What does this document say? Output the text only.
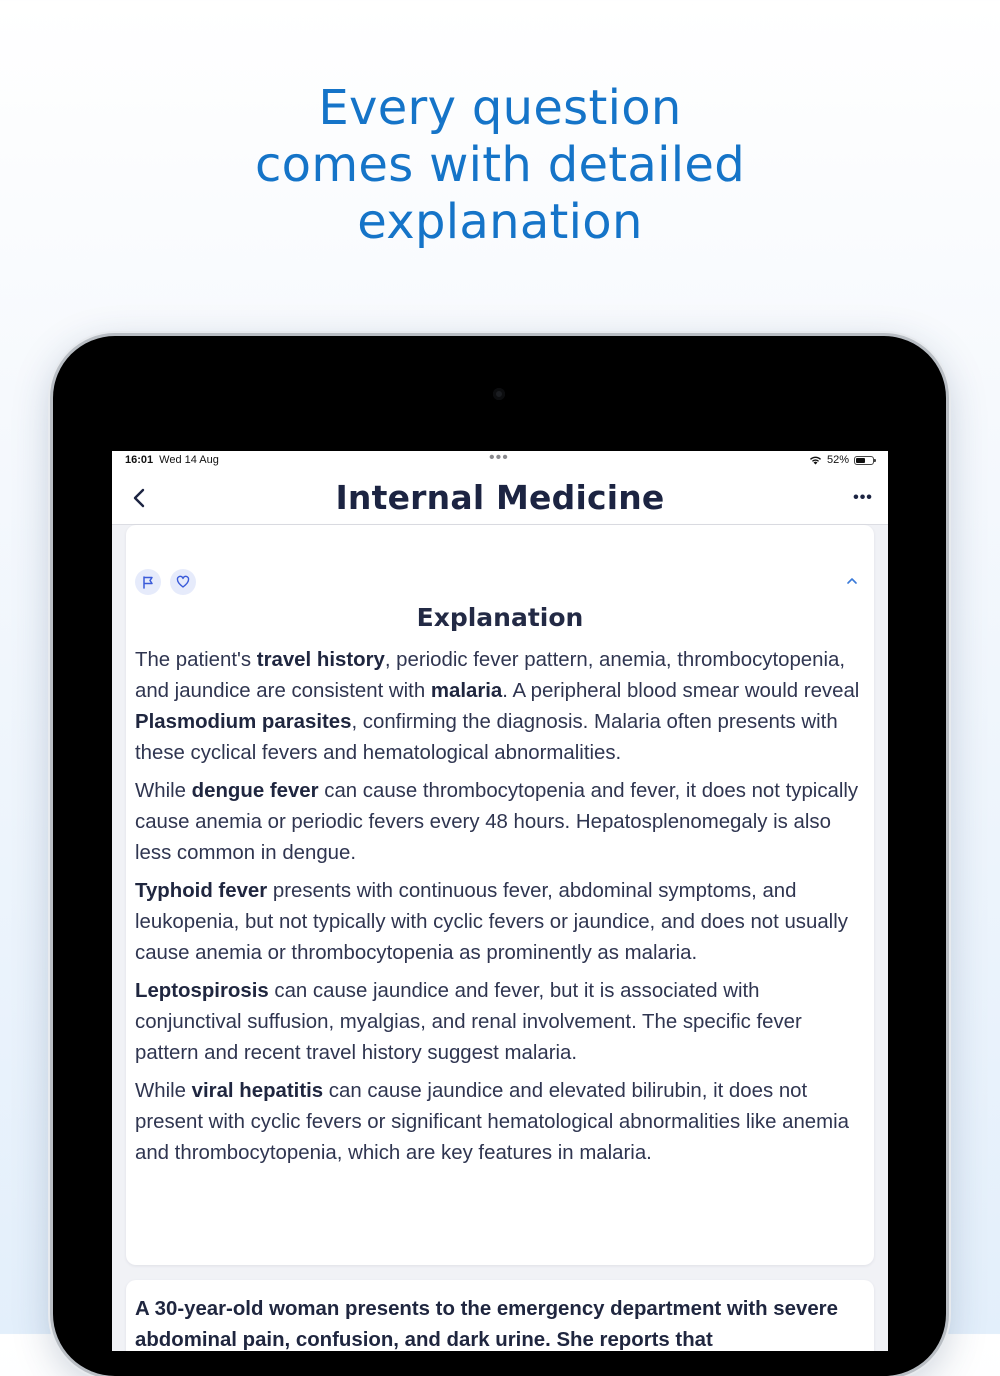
Every question
comes with detailed
explanation
16:01 Wed 14 Aug	•••	52%
Internal Medicine	•••
Explanation

The patient's travel history, periodic fever pattern, anemia, thrombocytopenia, and jaundice are consistent with malaria. A peripheral blood smear would reveal Plasmodium parasites, confirming the diagnosis. Malaria often presents with these cyclical fevers and hematological abnormalities.

While dengue fever can cause thrombocytopenia and fever, it does not typically cause anemia or periodic fevers every 48 hours. Hepatosplenomegaly is also less common in dengue.

Typhoid fever presents with continuous fever, abdominal symptoms, and leukopenia, but not typically with cyclic fevers or jaundice, and does not usually cause anemia or thrombocytopenia as prominently as malaria.

Leptospirosis can cause jaundice and fever, but it is associated with conjunctival suffusion, myalgias, and renal involvement. The specific fever pattern and recent travel history suggest malaria.

While viral hepatitis can cause jaundice and elevated bilirubin, it does not present with cyclic fevers or significant hematological abnormalities like anemia and thrombocytopenia, which are key features in malaria.

A 30-year-old woman presents to the emergency department with severe abdominal pain, confusion, and dark urine. She reports that
